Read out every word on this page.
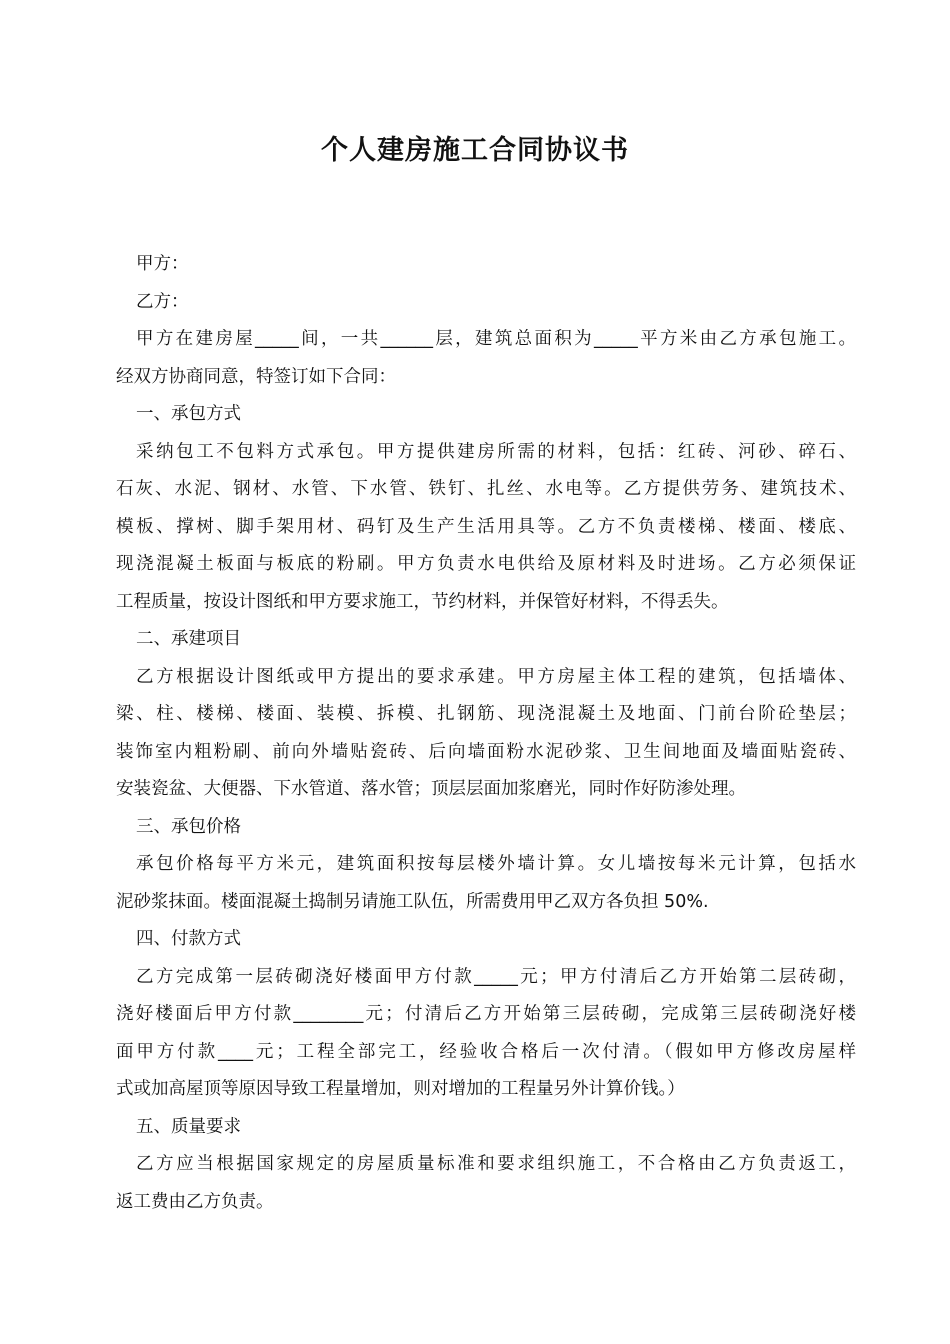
个人建房施工合同协议书
甲方：
乙方：
甲方在建房屋_____间，一共______层，建筑总面积为_____平方米由乙方承包施工。
经双方协商同意，特签订如下合同：
一、承包方式
采纳包工不包料方式承包。甲方提供建房所需的材料，包括：红砖、河砂、碎石、
石灰、水泥、钢材、水管、下水管、铁钉、扎丝、水电等。乙方提供劳务、建筑技术、
模板、撑树、脚手架用材、码钉及生产生活用具等。乙方不负责楼梯、楼面、楼底、
现浇混凝土板面与板底的粉刷。甲方负责水电供给及原材料及时进场。乙方必须保证
工程质量，按设计图纸和甲方要求施工，节约材料，并保管好材料，不得丢失。
二、承建项目
乙方根据设计图纸或甲方提出的要求承建。甲方房屋主体工程的建筑，包括墙体、
梁、柱、楼梯、楼面、装模、拆模、扎钢筋、现浇混凝土及地面、门前台阶砼垫层；
装饰室内粗粉刷、前向外墙贴瓷砖、后向墙面粉水泥砂浆、卫生间地面及墙面贴瓷砖、
安装瓷盆、大便器、下水管道、落水管；顶层层面加浆磨光，同时作好防渗处理。
三、承包价格
承包价格每平方米元，建筑面积按每层楼外墙计算。女儿墙按每米元计算，包括水
泥砂浆抹面。楼面混凝土捣制另请施工队伍，所需费用甲乙双方各负担 50%.
四、付款方式
乙方完成第一层砖砌浇好楼面甲方付款_____元；甲方付清后乙方开始第二层砖砌，
浇好楼面后甲方付款________元；付清后乙方开始第三层砖砌，完成第三层砖砌浇好楼
面甲方付款____元；工程全部完工，经验收合格后一次付清。（假如甲方修改房屋样
式或加高屋顶等原因导致工程量增加，则对增加的工程量另外计算价钱。）
五、质量要求
乙方应当根据国家规定的房屋质量标准和要求组织施工，不合格由乙方负责返工，
返工费由乙方负责。
